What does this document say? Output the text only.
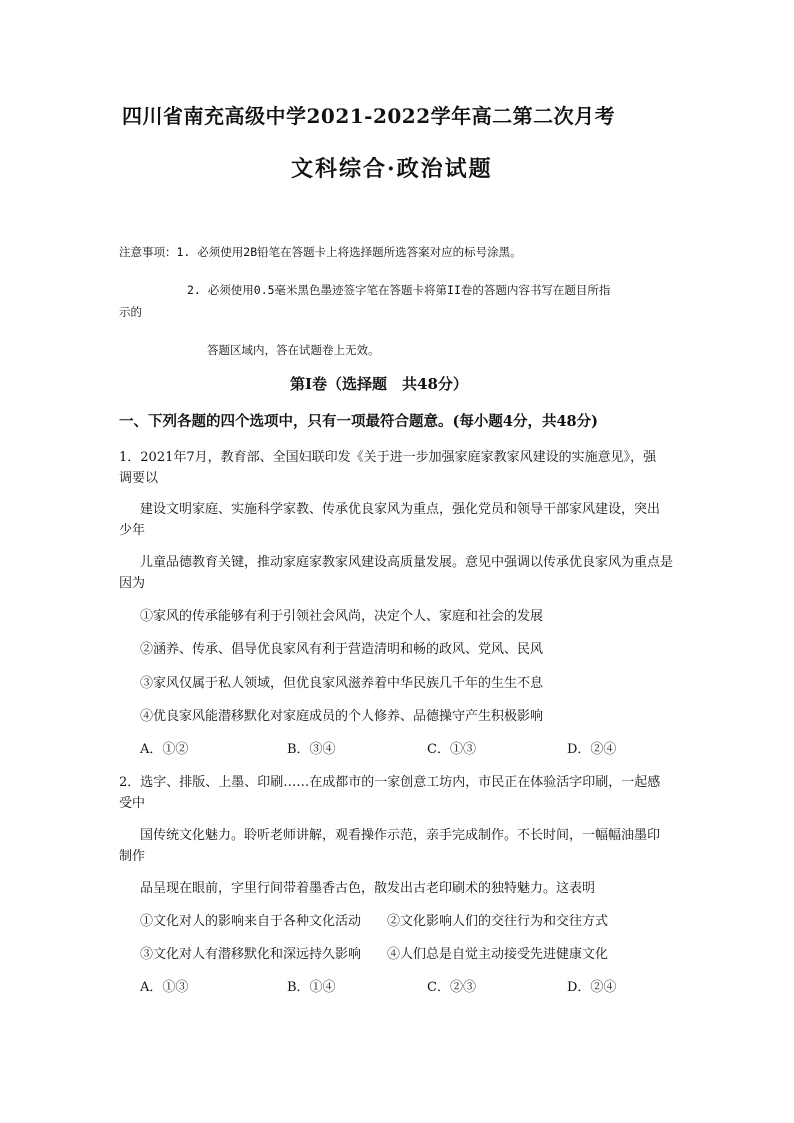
四川省南充高级中学2021-2022学年高二第二次月考
文科综合·政治试题
注意事项：1. 必须使用2B铅笔在答题卡上将选择题所选答案对应的标号涂黑。
2. 必须使用0.5毫米黑色墨迹签字笔在答题卡将第II卷的答题内容书写在题目所指
示的
答题区域内，答在试题卷上无效。
第Ⅰ卷（选择题　共48分）
一、下列各题的四个选项中，只有一项最符合题意。(每小题4分，共48分)
1．2021年7月，教育部、全国妇联印发《关于进一步加强家庭家教家风建设的实施意见》，强
调要以
建设文明家庭、实施科学家教、传承优良家风为重点，强化党员和领导干部家风建设，突出
少年
儿童品德教育关键，推动家庭家教家风建设高质量发展。意见中强调以传承优良家风为重点是
因为
①家风的传承能够有利于引领社会风尚，决定个人、家庭和社会的发展
②涵养、传承、倡导优良家风有利于营造清明和畅的政风、党风、民风
③家风仅属于私人领域，但优良家风滋养着中华民族几千年的生生不息
④优良家风能潜移默化对家庭成员的个人修养、品德操守产生积极影响
A．①②	B．③④	C．①③	D．②④
2．选字、排版、上墨、印刷……在成都市的一家创意工坊内，市民正在体验活字印刷，一起感
受中
国传统文化魅力。聆听老师讲解，观看操作示范，亲手完成制作。不长时间，一幅幅油墨印
制作
品呈现在眼前，字里行间带着墨香古色，散发出古老印刷术的独特魅力。这表明
①文化对人的影响来自于各种文化活动 ②文化影响人们的交往行为和交往方式
③文化对人有潜移默化和深远持久影响 ④人们总是自觉主动接受先进健康文化
A．①③	B．①④	C．②③	D．②④
